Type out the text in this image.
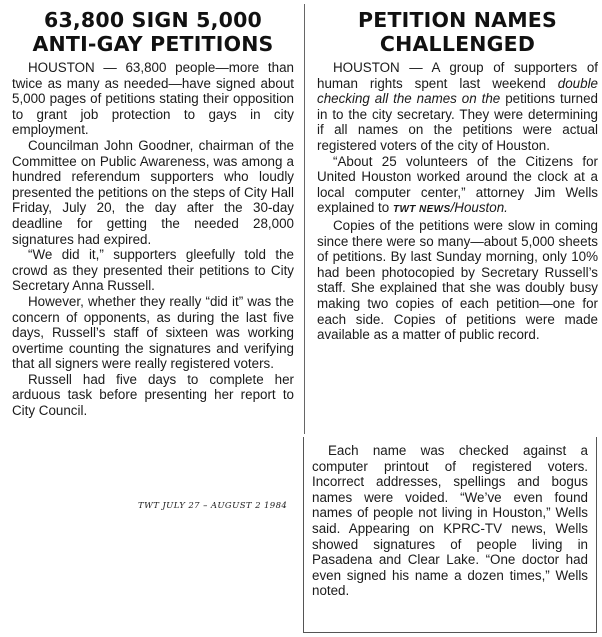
63,800 SIGN 5,000
ANTI-GAY PETITIONS

HOUSTON — 63,800 people—more than twice as many as needed—have signed about 5,000 pages of petitions stating their opposition to grant job protection to gays in city employment.

Councilman John Goodner, chairman of the Committee on Public Awareness, was among a hundred referendum supporters who loudly presented the petitions on the steps of City Hall Friday, July 20, the day after the 30-day deadline for getting the needed 28,000 signatures had expired.

“We did it,” supporters gleefully told the crowd as they presented their petitions to City Secretary Anna Russell.

However, whether they really “did it” was the concern of opponents, as during the last five days, Russell’s staff of sixteen was working overtime counting the signatures and verifying that all signers were really registered voters.

Russell had five days to complete her arduous task before presenting her report to City Council.

TWT JULY 27 – AUGUST 2 1984
PETITION NAMES
CHALLENGED

HOUSTON — A group of supporters of human rights spent last weekend double checking all the names on the petitions turned in to the city secretary. They were determining if all names on the petitions were actual registered voters of the city of Houston.

“About 25 volunteers of the Citizens for United Houston worked around the clock at a local computer center,” attorney Jim Wells explained to TWT NEWS/Houston.

Copies of the petitions were slow in coming since there were so many—about 5,000 sheets of petitions. By last Sunday morning, only 10% had been photocopied by Secretary Russell’s staff. She explained that she was doubly busy making two copies of each petition—one for each side. Copies of petitions were made available as a matter of public record.

Each name was checked against a computer printout of registered voters. Incorrect addresses, spellings and bogus names were voided. “We’ve even found names of people not living in Houston,” Wells said. Appearing on KPRC-TV news, Wells showed signatures of people living in Pasadena and Clear Lake. “One doctor had even signed his name a dozen times,” Wells noted.
